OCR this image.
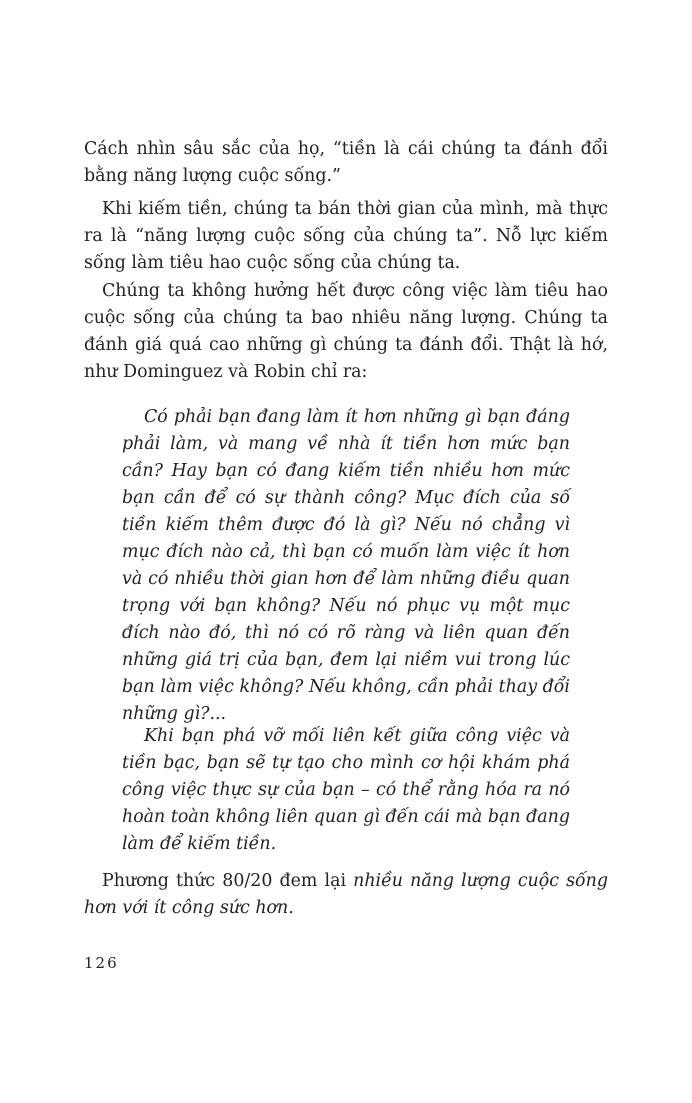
Cách nhìn sâu sắc của họ, “tiền là cái chúng ta đánh đổi bằng năng lượng cuộc sống.”

Khi kiếm tiền, chúng ta bán thời gian của mình, mà thực ra là “năng lượng cuộc sống của chúng ta”. Nỗ lực kiếm sống làm tiêu hao cuộc sống của chúng ta.

Chúng ta không hưởng hết được công việc làm tiêu hao cuộc sống của chúng ta bao nhiêu năng lượng. Chúng ta đánh giá quá cao những gì chúng ta đánh đổi. Thật là hớ, như Dominguez và Robin chỉ ra:

Có phải bạn đang làm ít hơn những gì bạn đáng phải làm, và mang về nhà ít tiền hơn mức bạn cần? Hay bạn có đang kiếm tiền nhiều hơn mức bạn cần để có sự thành công? Mục đích của số tiền kiếm thêm được đó là gì? Nếu nó chẳng vì mục đích nào cả, thì bạn có muốn làm việc ít hơn và có nhiều thời gian hơn để làm những điều quan trọng với bạn không? Nếu nó phục vụ một mục đích nào đó, thì nó có rõ ràng và liên quan đến những giá trị của bạn, đem lại niềm vui trong lúc bạn làm việc không? Nếu không, cần phải thay đổi những gì?...

Khi bạn phá vỡ mối liên kết giữa công việc và tiền bạc, bạn sẽ tự tạo cho mình cơ hội khám phá công việc thực sự của bạn – có thể rằng hóa ra nó hoàn toàn không liên quan gì đến cái mà bạn đang làm để kiếm tiền.

Phương thức 80/20 đem lại nhiều năng lượng cuộc sống hơn với ít công sức hơn.

126
